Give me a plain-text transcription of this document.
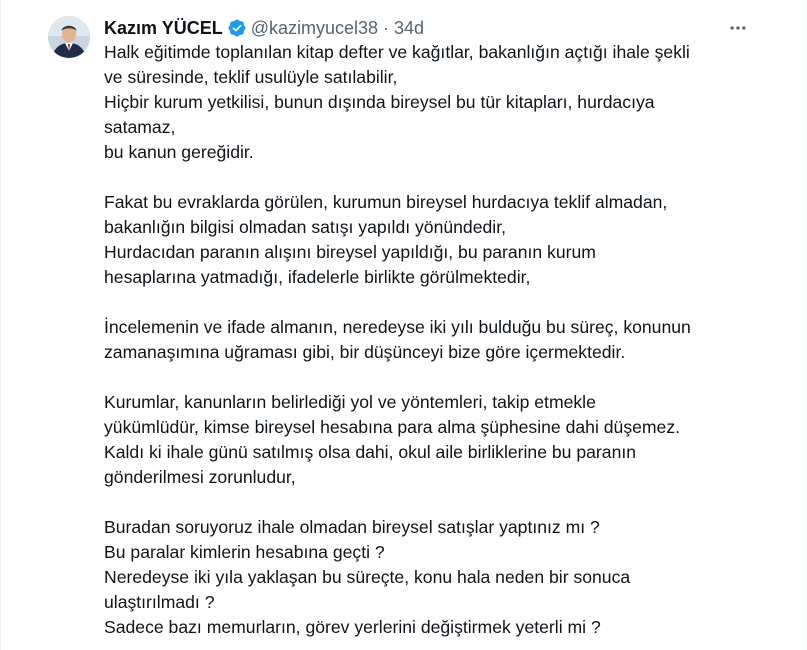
Kazım YÜCEL @kazimyucel38 · 34d
Halk eğitimde toplanılan kitap defter ve kağıtlar, bakanlığın açtığı ihale şekli
ve süresinde, teklif usulüyle satılabilir,
Hiçbir kurum yetkilisi, bunun dışında bireysel bu tür kitapları, hurdacıya
satamaz,
bu kanun gereğidir.
Fakat bu evraklarda görülen, kurumun bireysel hurdacıya teklif almadan,
bakanlığın bilgisi olmadan satışı yapıldı yönündedir,
Hurdacıdan paranın alışını bireysel yapıldığı, bu paranın kurum
hesaplarına yatmadığı, ifadelerle birlikte görülmektedir,
İncelemenin ve ifade almanın, neredeyse iki yılı bulduğu bu süreç, konunun
zamanaşımına uğraması gibi, bir düşünceyi bize göre içermektedir.
Kurumlar, kanunların belirlediği yol ve yöntemleri, takip etmekle
yükümlüdür, kimse bireysel hesabına para alma şüphesine dahi düşemez.
Kaldı ki ihale günü satılmış olsa dahi, okul aile birliklerine bu paranın
gönderilmesi zorunludur,
Buradan soruyoruz ihale olmadan bireysel satışlar yaptınız mı ?
Bu paralar kimlerin hesabına geçti ?
Neredeyse iki yıla yaklaşan bu süreçte, konu hala neden bir sonuca
ulaştırılmadı ?
Sadece bazı memurların, görev yerlerini değiştirmek yeterli mi ?
